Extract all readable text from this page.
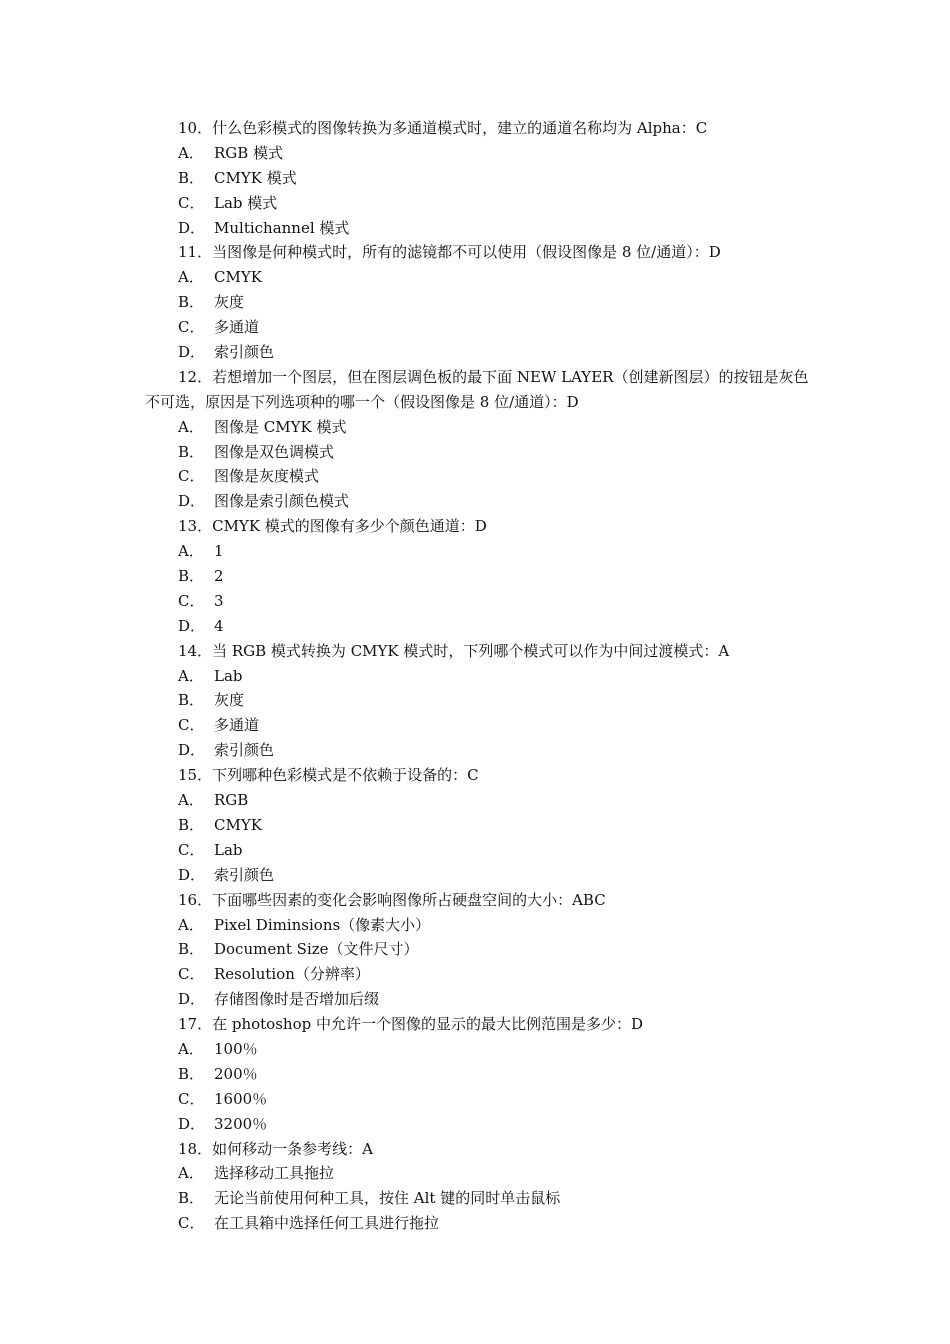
10．什么色彩模式的图像转换为多通道模式时，建立的通道名称均为 Alpha：C
A． RGB 模式
B． CMYK 模式
C． Lab 模式
D． Multichannel 模式
11．当图像是何种模式时，所有的滤镜都不可以使用（假设图像是 8 位/通道）：D
A． CMYK
B． 灰度
C． 多通道
D． 索引颜色
12．若想增加一个图层，但在图层调色板的最下面 NEW LAYER（创建新图层）的按钮是灰色
不可选，原因是下列选项种的哪一个（假设图像是 8 位/通道）：D
A． 图像是 CMYK 模式
B． 图像是双色调模式
C． 图像是灰度模式
D． 图像是索引颜色模式
13．CMYK 模式的图像有多少个颜色通道：D
A． 1
B． 2
C． 3
D． 4
14．当 RGB 模式转换为 CMYK 模式时，下列哪个模式可以作为中间过渡模式：A
A． Lab
B． 灰度
C． 多通道
D． 索引颜色
15．下列哪种色彩模式是不依赖于设备的：C
A． RGB
B． CMYK
C． Lab
D． 索引颜色
16．下面哪些因素的变化会影响图像所占硬盘空间的大小：ABC
A． Pixel Diminsions（像素大小）
B． Document Size（文件尺寸）
C． Resolution（分辨率）
D． 存储图像时是否增加后缀
17．在 photoshop 中允许一个图像的显示的最大比例范围是多少：D
A． 100％
B． 200％
C． 1600％
D． 3200％
18．如何移动一条参考线：A
A． 选择移动工具拖拉
B． 无论当前使用何种工具，按住 Alt 键的同时单击鼠标
C． 在工具箱中选择任何工具进行拖拉
